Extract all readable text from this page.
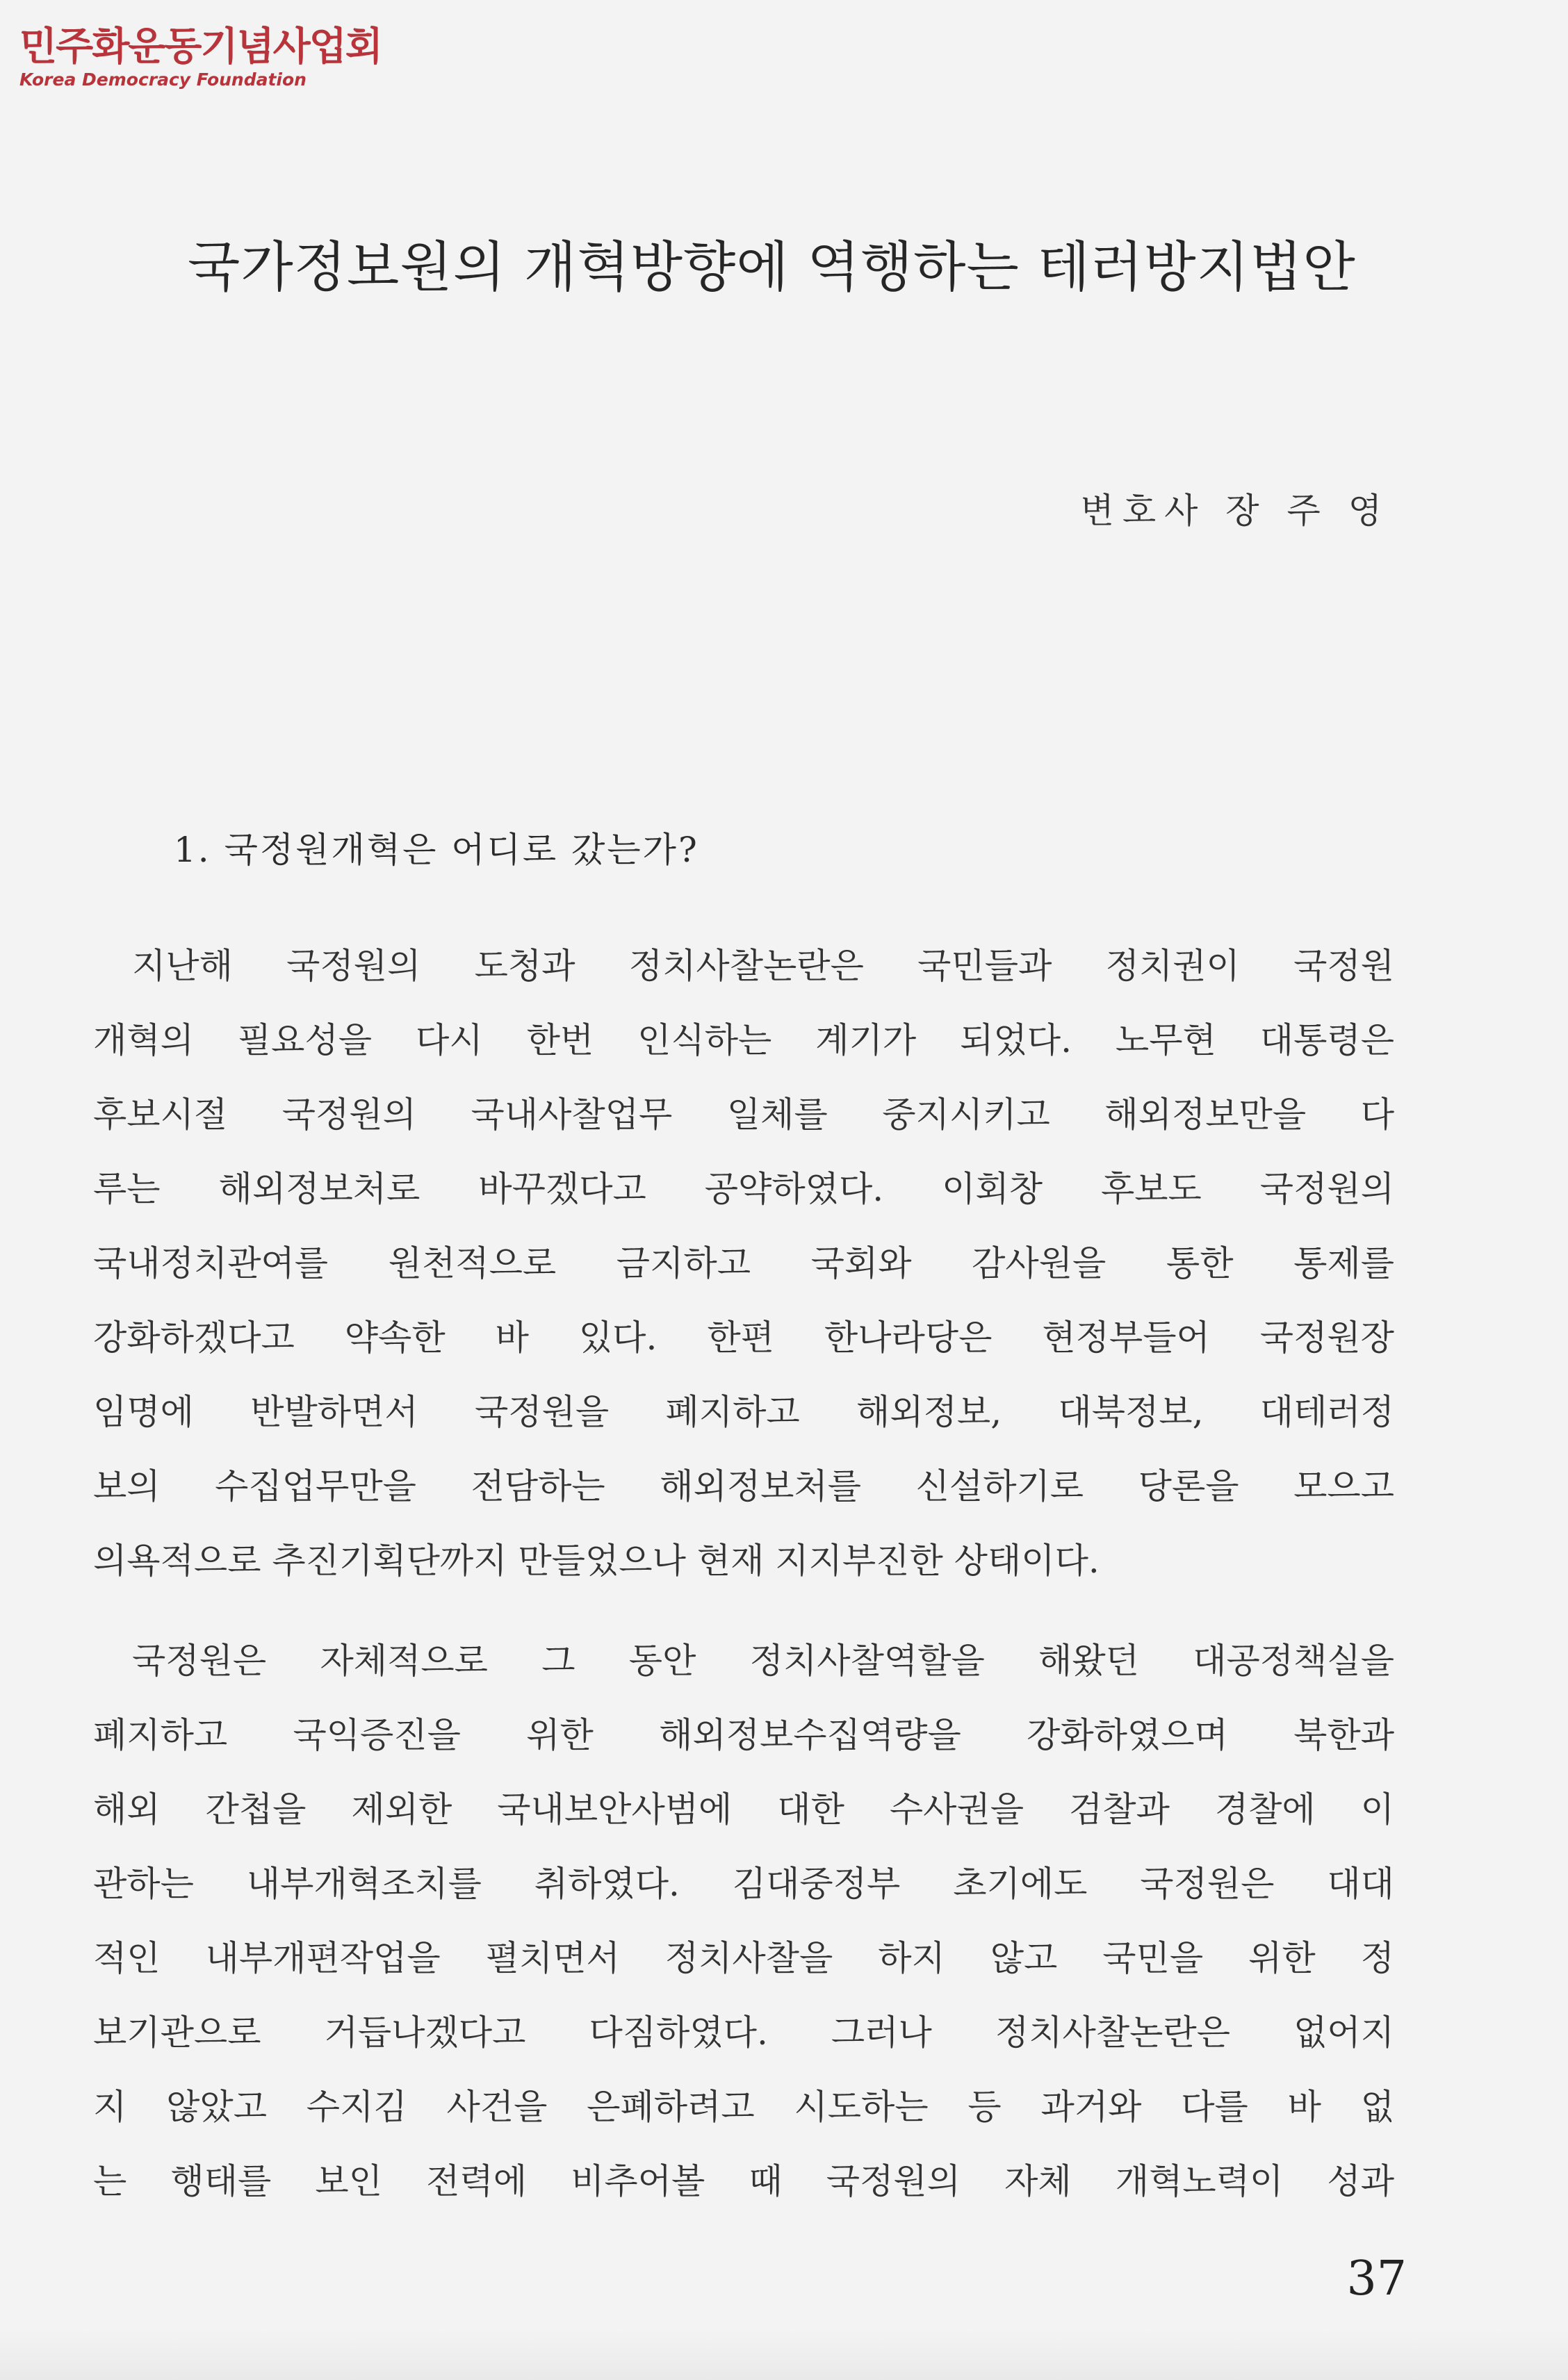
민주화운동기념사업회
Korea Democracy Foundation
국가정보원의 개혁방향에 역행하는 테러방지법안
변호사 장 주 영
1. 국정원개혁은 어디로 갔는가?
지난해 국정원의 도청과 정치사찰논란은 국민들과 정치권이 국정원
개혁의 필요성을 다시 한번 인식하는 계기가 되었다. 노무현 대통령은
후보시절 국정원의 국내사찰업무 일체를 중지시키고 해외정보만을 다
루는 해외정보처로 바꾸겠다고 공약하였다. 이회창 후보도 국정원의
국내정치관여를 원천적으로 금지하고 국회와 감사원을 통한 통제를
강화하겠다고 약속한 바 있다. 한편 한나라당은 현정부들어 국정원장
임명에 반발하면서 국정원을 폐지하고 해외정보, 대북정보, 대테러정
보의 수집업무만을 전담하는 해외정보처를 신설하기로 당론을 모으고
의욕적으로 추진기획단까지 만들었으나 현재 지지부진한 상태이다.
국정원은 자체적으로 그 동안 정치사찰역할을 해왔던 대공정책실을
폐지하고 국익증진을 위한 해외정보수집역량을 강화하였으며 북한과
해외 간첩을 제외한 국내보안사범에 대한 수사권을 검찰과 경찰에 이
관하는 내부개혁조치를 취하였다. 김대중정부 초기에도 국정원은 대대
적인 내부개편작업을 펼치면서 정치사찰을 하지 않고 국민을 위한 정
보기관으로 거듭나겠다고 다짐하였다. 그러나 정치사찰논란은 없어지
지 않았고 수지김 사건을 은폐하려고 시도하는 등 과거와 다를 바 없
는 행태를 보인 전력에 비추어볼 때 국정원의 자체 개혁노력이 성과
37
